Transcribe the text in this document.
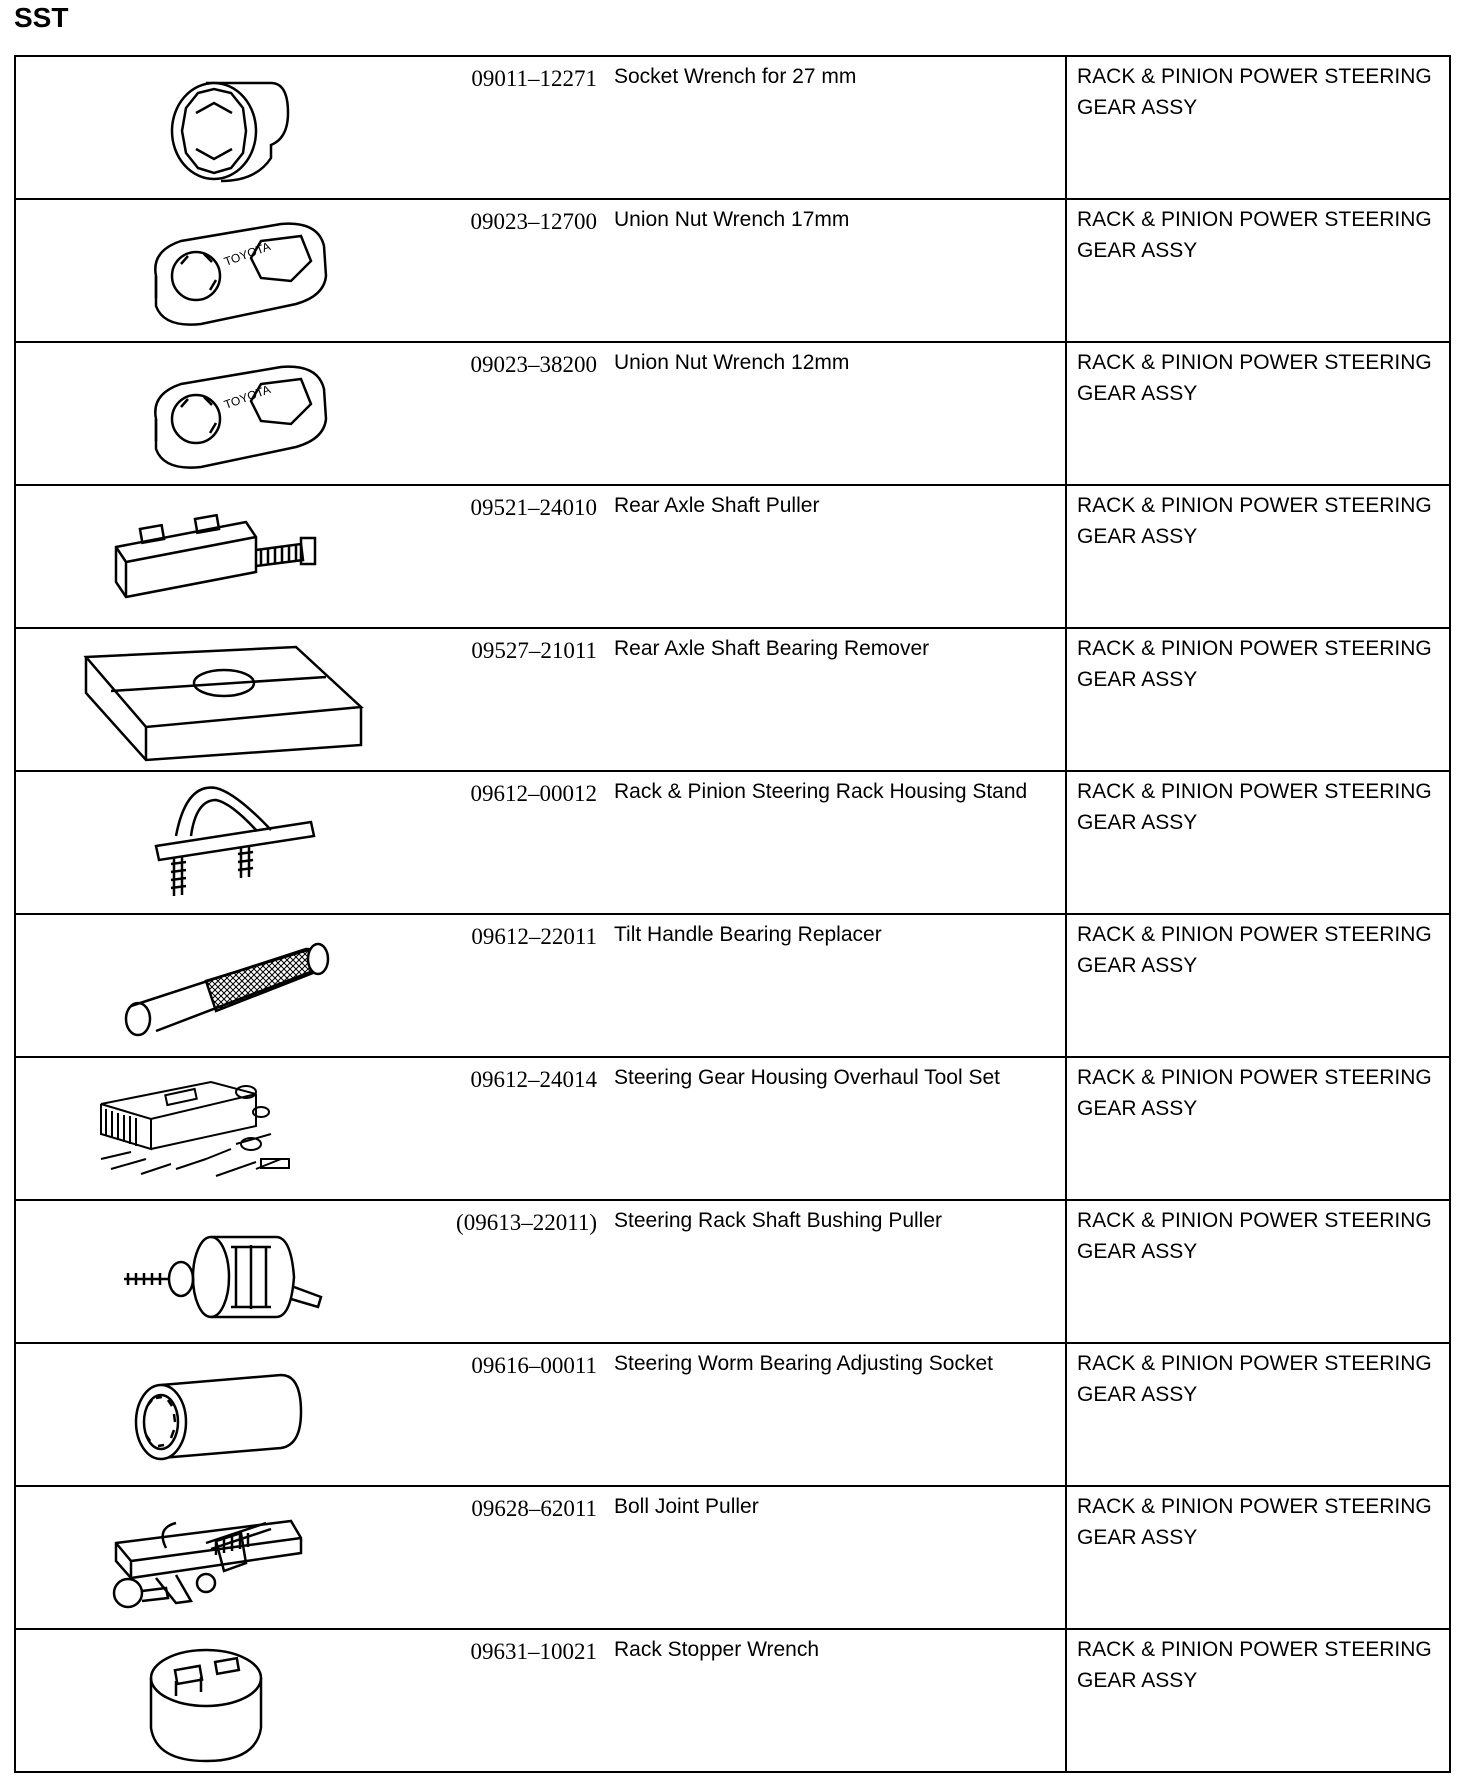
SST
09011–12271 Socket Wrench for 27 mm	RACK & PINION POWER STEERING GEAR ASSY

TOYOTA
09023–12700 Union Nut Wrench 17mm	RACK & PINION POWER STEERING GEAR ASSY

TOYOTA
09023–38200 Union Nut Wrench 12mm	RACK & PINION POWER STEERING GEAR ASSY

09521–24010 Rear Axle Shaft Puller	RACK & PINION POWER STEERING GEAR ASSY

09527–21011 Rear Axle Shaft Bearing Remover	RACK & PINION POWER STEERING GEAR ASSY

09612–00012 Rack & Pinion Steering Rack Housing Stand	RACK & PINION POWER STEERING GEAR ASSY

09612–22011 Tilt Handle Bearing Replacer	RACK & PINION POWER STEERING GEAR ASSY

09612–24014 Steering Gear Housing Overhaul Tool Set	RACK & PINION POWER STEERING GEAR ASSY

(09613–22011) Steering Rack Shaft Bushing Puller	RACK & PINION POWER STEERING GEAR ASSY

09616–00011 Steering Worm Bearing Adjusting Socket	RACK & PINION POWER STEERING GEAR ASSY

09628–62011 Boll Joint Puller	RACK & PINION POWER STEERING GEAR ASSY

09631–10021 Rack Stopper Wrench	RACK & PINION POWER STEERING GEAR ASSY
